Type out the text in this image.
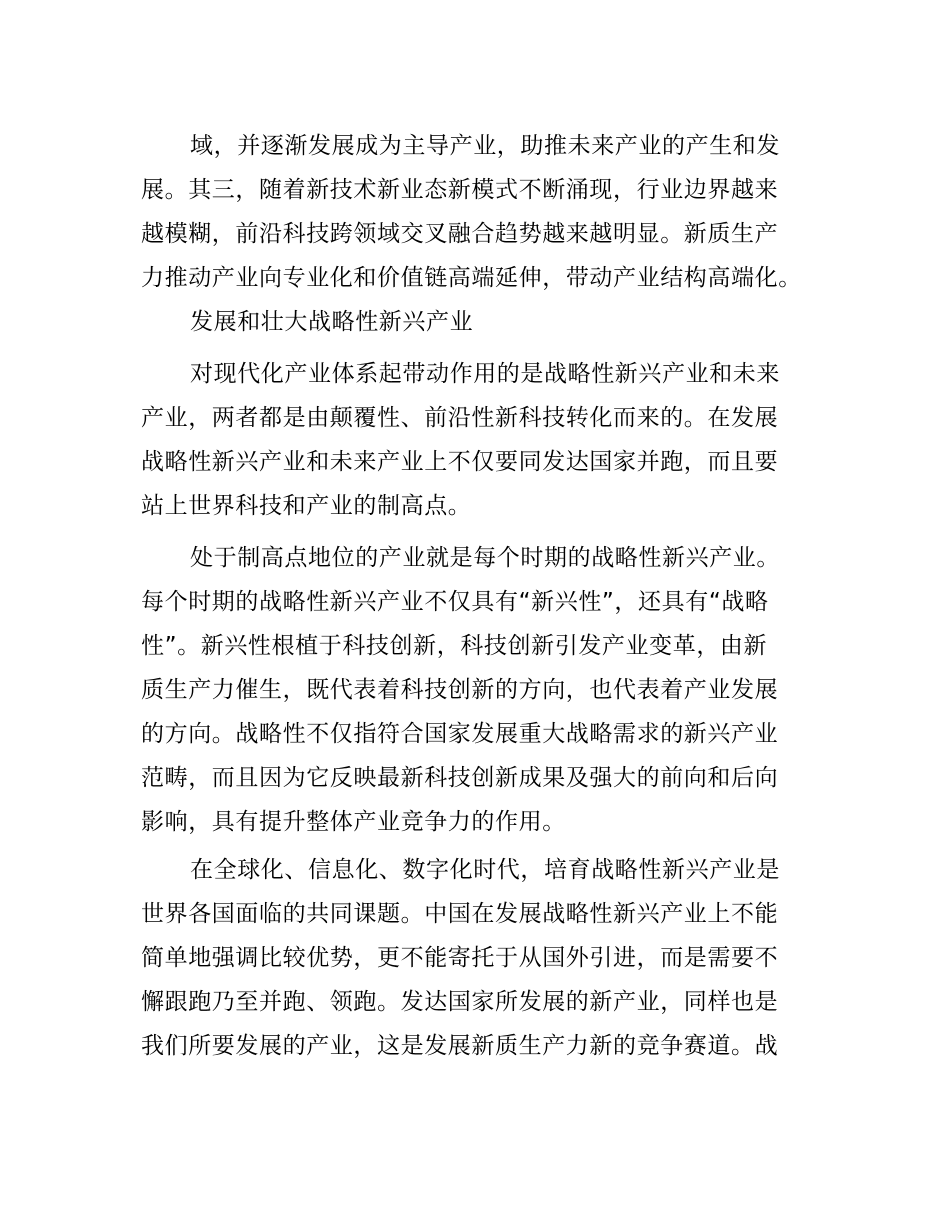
域，并逐渐发展成为主导产业，助推未来产业的产生和发
展。其三，随着新技术新业态新模式不断涌现，行业边界越来
越模糊，前沿科技跨领域交叉融合趋势越来越明显。新质生产
力推动产业向专业化和价值链高端延伸，带动产业结构高端化。
发展和壮大战略性新兴产业
对现代化产业体系起带动作用的是战略性新兴产业和未来
产业，两者都是由颠覆性、前沿性新科技转化而来的。在发展
战略性新兴产业和未来产业上不仅要同发达国家并跑，而且要
站上世界科技和产业的制高点。
处于制高点地位的产业就是每个时期的战略性新兴产业。
每个时期的战略性新兴产业不仅具有“新兴性”，还具有“战略
性”。新兴性根植于科技创新，科技创新引发产业变革，由新
质生产力催生，既代表着科技创新的方向，也代表着产业发展
的方向。战略性不仅指符合国家发展重大战略需求的新兴产业
范畴，而且因为它反映最新科技创新成果及强大的前向和后向
影响，具有提升整体产业竞争力的作用。
在全球化、信息化、数字化时代，培育战略性新兴产业是
世界各国面临的共同课题。中国在发展战略性新兴产业上不能
简单地强调比较优势，更不能寄托于从国外引进，而是需要不
懈跟跑乃至并跑、领跑。发达国家所发展的新产业，同样也是
我们所要发展的产业，这是发展新质生产力新的竞争赛道。战
